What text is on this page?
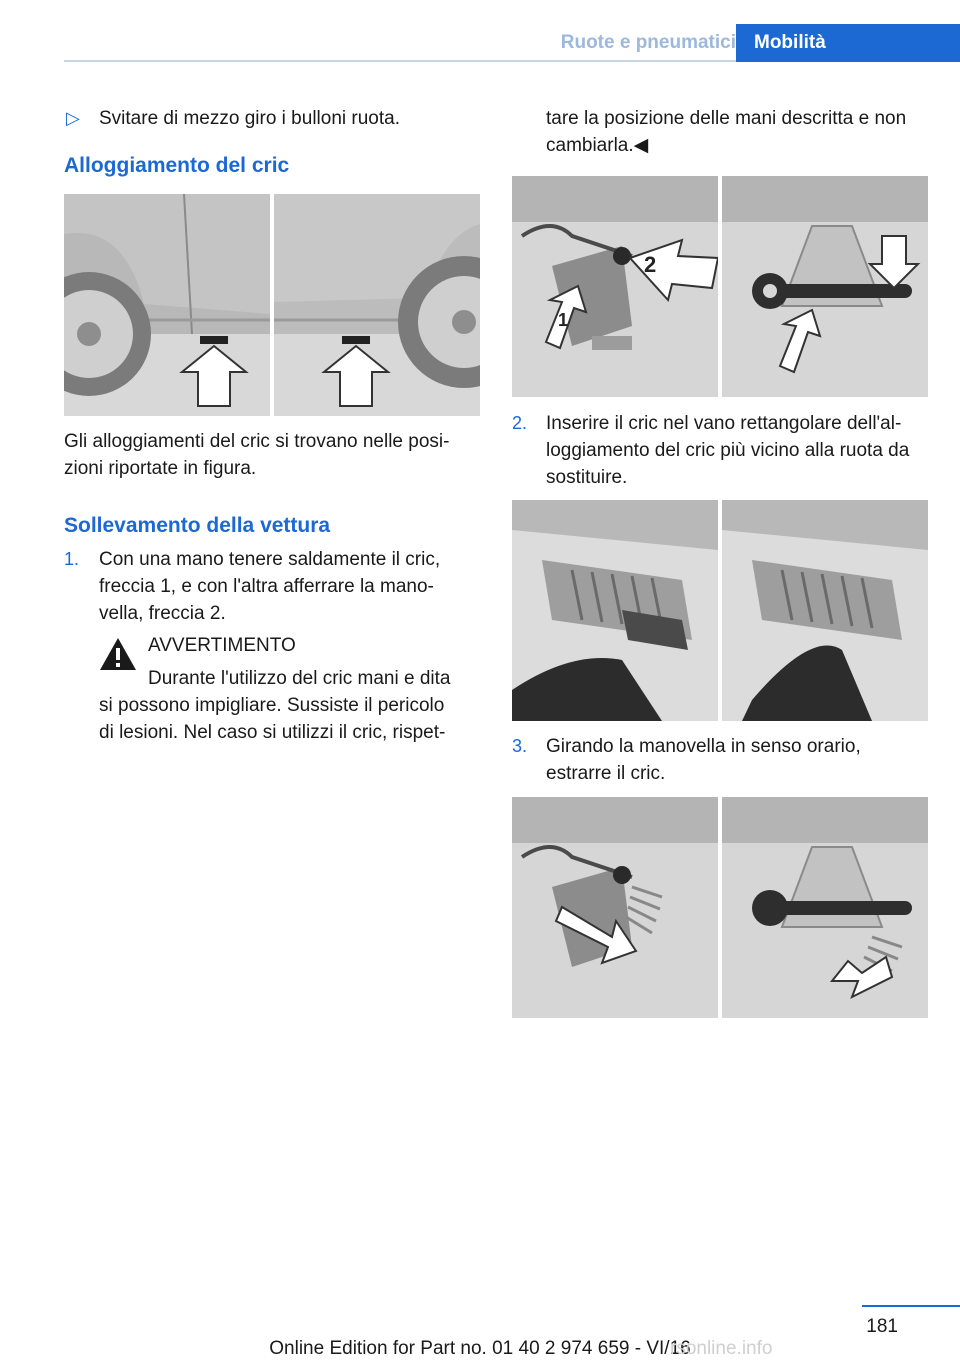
Ruote e pneumatici Mobilità
▷ Svitare di mezzo giro i bulloni ruota.
Alloggiamento del cric
Gli alloggiamenti del cric si trovano nelle posi‐
zioni riportate in figura.
Sollevamento della vettura
1. Con una mano tenere saldamente il cric,
freccia 1, e con l'altra afferrare la mano‐
vella, freccia 2.
AVVERTIMENTO
Durante l'utilizzo del cric mani e dita
si possono impigliare. Sussiste il pericolo
di lesioni. Nel caso si utilizzi il cric, rispet‐
tare la posizione delle mani descritta e non
cambiarla.◀
2
1
2. Inserire il cric nel vano rettangolare dell'al‐
loggiamento del cric più vicino alla ruota da
sostituire.
3. Girando la manovella in senso orario,
estrarre il cric.
181
Online Edition for Part no. 01 40 2 974 659 - VI/16
rsonline.info
